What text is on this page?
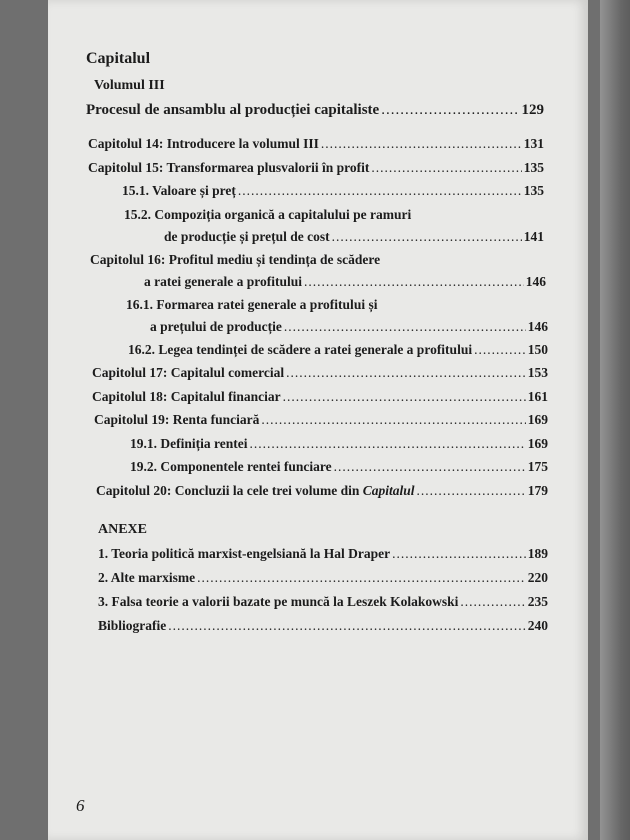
Capitalul
Volumul III
Procesul de ansamblu al producției capitaliste .....	129
Capitolul 14: Introducere la volumul III .....	131
Capitolul 15: Transformarea plusvalorii în profit .....	135
15.1. Valoare și preț .....	135
15.2. Compoziția organică a capitalului pe ramuri
de producție și prețul de cost .....	141
Capitolul 16: Profitul mediu și tendința de scădere
a ratei generale a profitului .....	146
16.1. Formarea ratei generale a profitului și
a prețului de producție .....	146
16.2. Legea tendinței de scădere a ratei generale a profitului .....	150
Capitolul 17: Capitalul comercial .....	153
Capitolul 18: Capitalul financiar .....	161
Capitolul 19: Renta funciară .....	169
19.1. Definiția rentei .....	169
19.2. Componentele rentei funciare .....	175
Capitolul 20: Concluzii la cele trei volume din Capitalul .....	179
ANEXE
1. Teoria politică marxist-engelsiană la Hal Draper .....	189
2. Alte marxisme .....	220
3. Falsa teorie a valorii bazate pe muncă la Leszek Kolakowski .....	235
Bibliografie .....	240
6
